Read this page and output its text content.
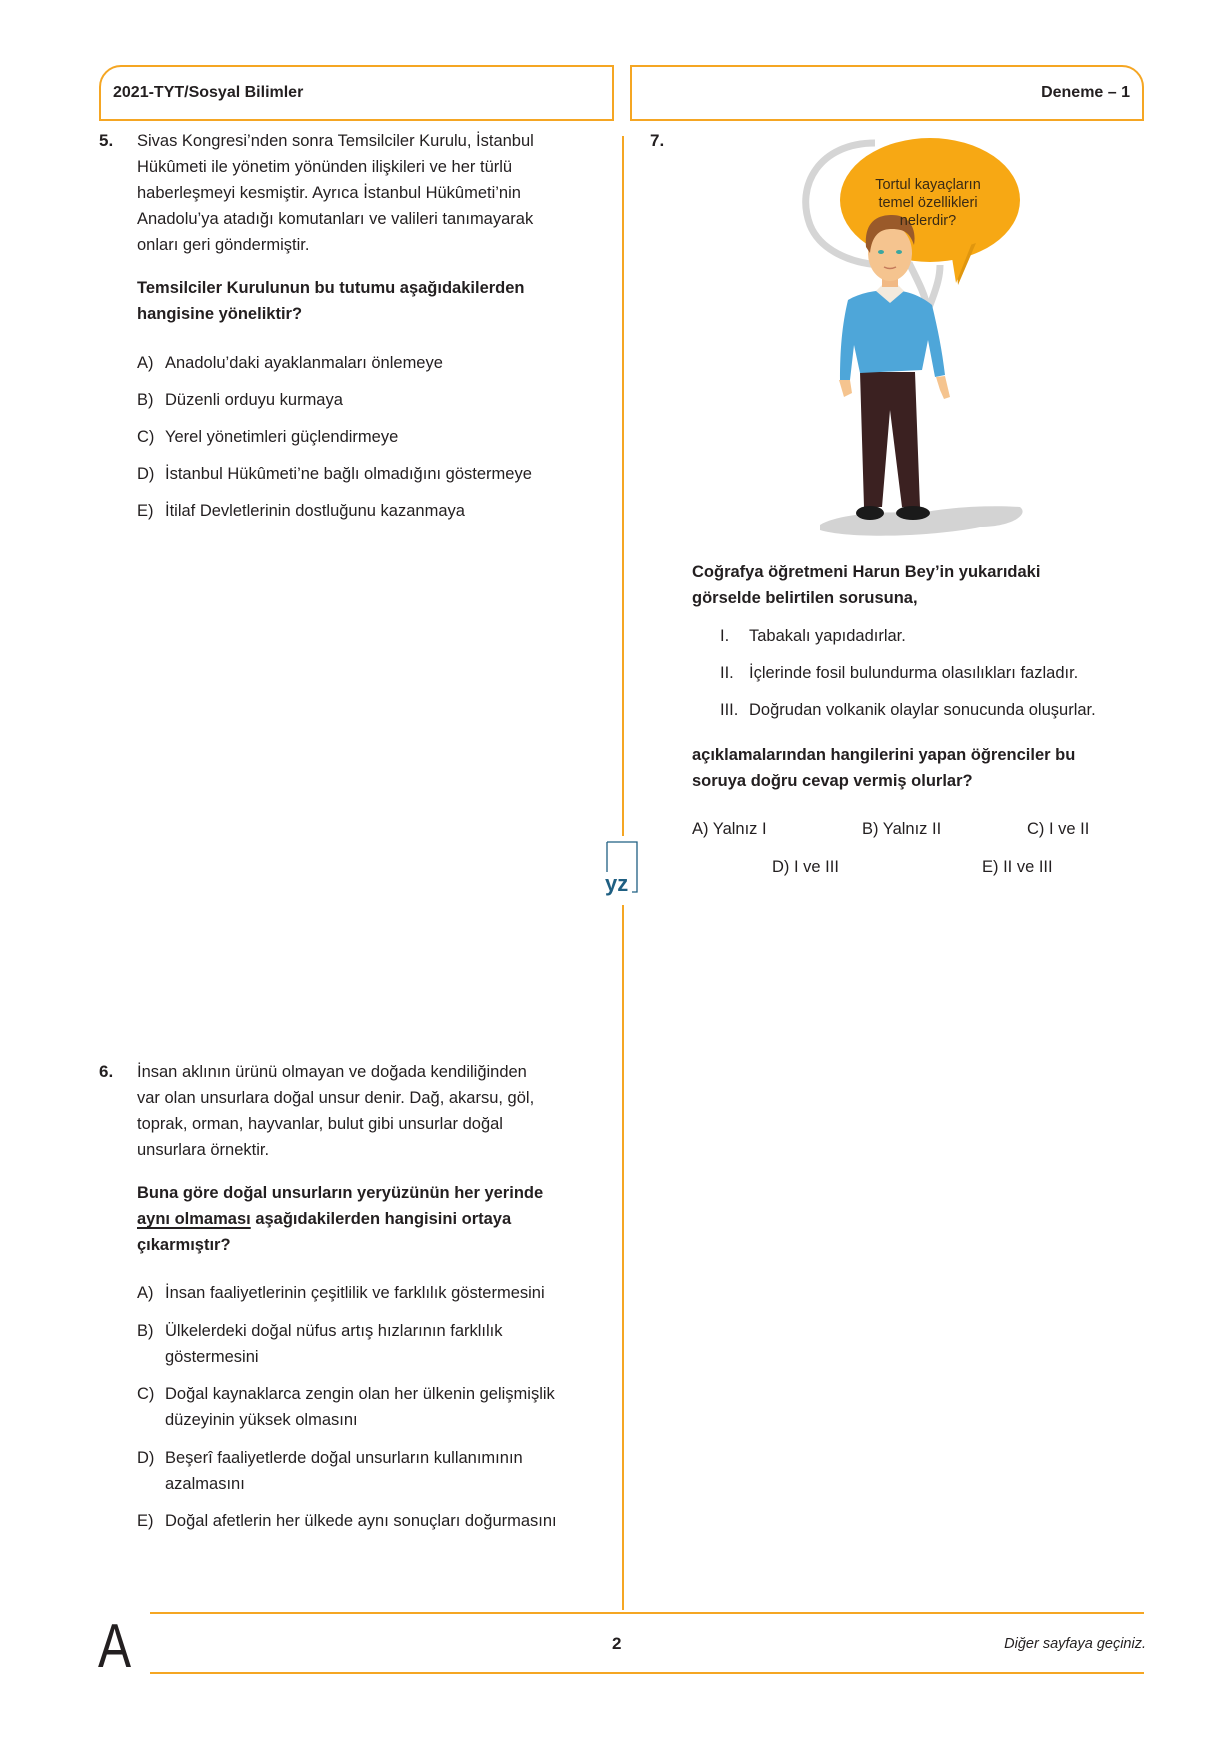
2021-TYT/Sosyal Bilimler	Deneme – 1
yz
5. Sivas Kongresi’nden sonra Temsilciler Kurulu, İstanbul
Hükûmeti ile yönetim yönünden ilişkileri ve her türlü
haberleşmeyi kesmiştir. Ayrıca İstanbul Hükûmeti’nin
Anadolu’ya atadığı komutanları ve valileri tanımayarak
onları geri göndermiştir.
Temsilciler Kurulunun bu tutumu aşağıdakilerden
hangisine yöneliktir?
A) Anadolu’daki ayaklanmaları önlemeye
B) Düzenli orduyu kurmaya
C) Yerel yönetimleri güçlendirmeye
D) İstanbul Hükûmeti’ne bağlı olmadığını göstermeye
E) İtilaf Devletlerinin dostluğunu kazanmaya
6. İnsan aklının ürünü olmayan ve doğada kendiliğinden
var olan unsurlara doğal unsur denir. Dağ, akarsu, göl,
toprak, orman, hayvanlar, bulut gibi unsurlar doğal
unsurlara örnektir.
Buna göre doğal unsurların yeryüzünün her yerinde
aynı olmaması aşağıdakilerden hangisini ortaya
çıkarmıştır?
A) İnsan faaliyetlerinin çeşitlilik ve farklılık göstermesini
B) Ülkelerdeki doğal nüfus artış hızlarının farklılık
göstermesini
C) Doğal kaynaklarca zengin olan her ülkenin gelişmişlik
düzeyinin yüksek olmasını
D) Beşerî faaliyetlerde doğal unsurların kullanımının
azalmasını
E) Doğal afetlerin her ülkede aynı sonuçları doğurmasını
7.
Tortul kayaçların
temel özellikleri
nelerdir?
Coğrafya öğretmeni Harun Bey’in yukarıdaki
görselde belirtilen sorusuna,
I.	Tabakalı yapıdadırlar.
II. İçlerinde fosil bulundurma olasılıkları fazladır.
III. Doğrudan volkanik olaylar sonucunda oluşurlar.
açıklamalarından hangilerini yapan öğrenciler bu
soruya doğru cevap vermiş olurlar?
A) Yalnız I	B) Yalnız II	C) I ve II
D) I ve III	E) II ve III
A	2	Diğer sayfaya geçiniz.
